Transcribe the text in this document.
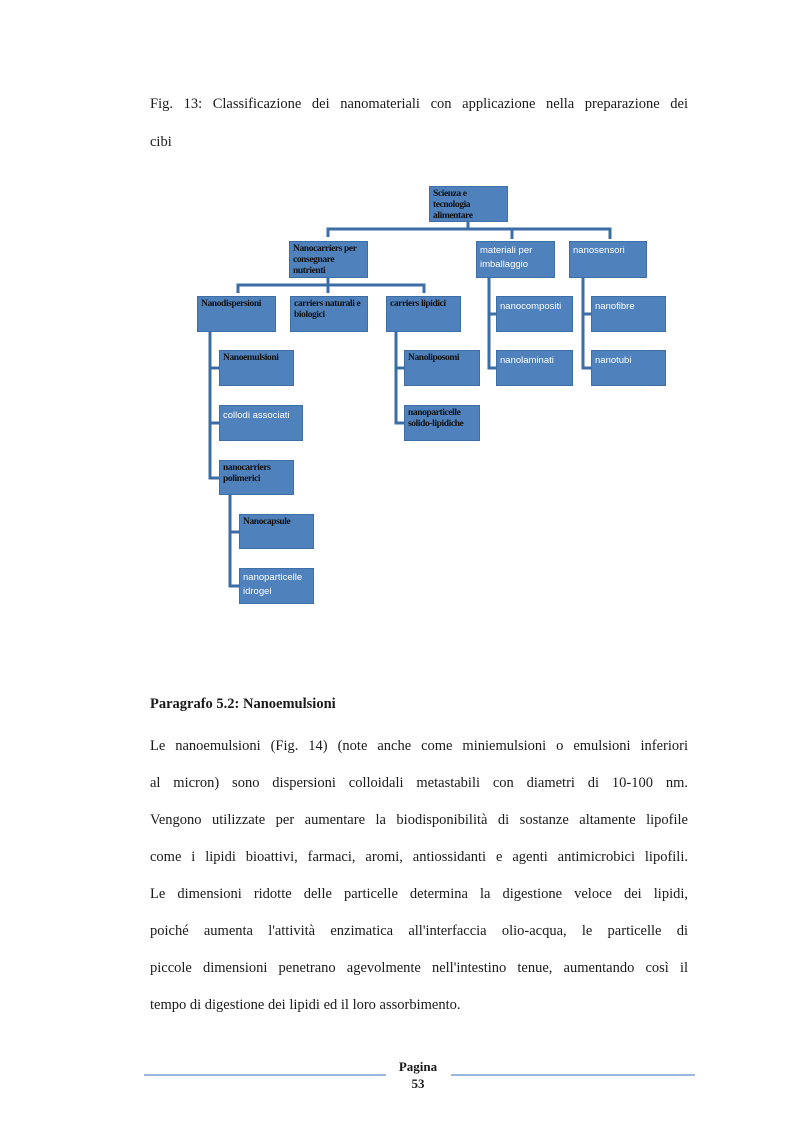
Fig. 13: Classificazione dei nanomateriali con applicazione nella preparazione dei
cibi
Scienza e tecnologia alimentare
Nanocarriers per consegnare nutrienti
materiali per imballaggio
nanosensori
Nanodispersioni	carriers naturali e biologici
carriers lipidici	nanocompositi	nanofibre
Nanoemulsioni	Nanoliposomi	nanolaminati	nanotubi
collodi associati	nanoparticelle solido-lipidiche
nanocarriers polimerici
Nanocapsule
nanoparticelle idrogel
Paragrafo 5.2: Nanoemulsioni
Le nanoemulsioni (Fig. 14) (note anche come miniemulsioni o emulsioni inferiori
al micron) sono dispersioni colloidali metastabili con diametri di 10-100 nm.
Vengono utilizzate per aumentare la biodisponibilità di sostanze altamente lipofile
come i lipidi bioattivi, farmaci, aromi, antiossidanti e agenti antimicrobici lipofili.
Le dimensioni ridotte delle particelle determina la digestione veloce dei lipidi,
poiché aumenta l'attività enzimatica all'interfaccia olio-acqua, le particelle di
piccole dimensioni penetrano agevolmente nell'intestino tenue, aumentando così il
tempo di digestione dei lipidi ed il loro assorbimento.
Pagina
53
